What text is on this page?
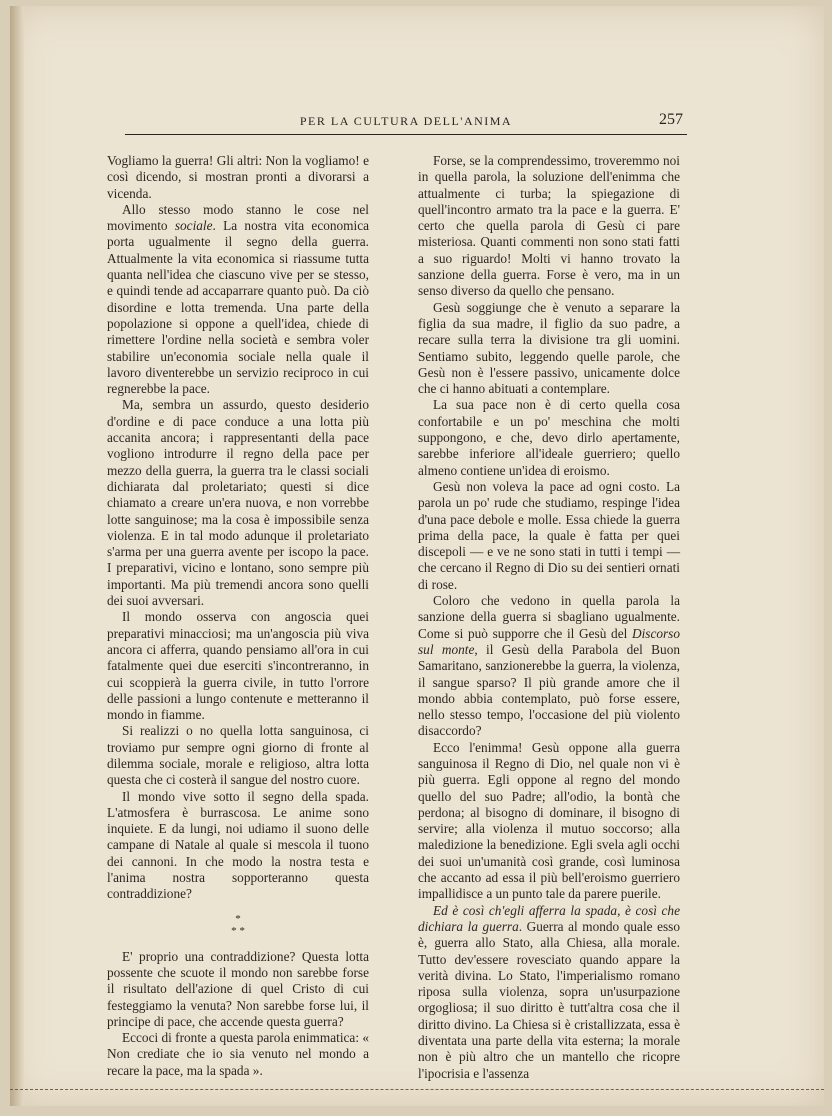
PER LA CULTURA DELL'ANIMA	257

Vogliamo la guerra! Gli altri: Non la vogliamo! e così dicendo, si mostran pronti a divorarsi a vicenda.

Allo stesso modo stanno le cose nel movimento sociale. La nostra vita economica porta ugualmente il segno della guerra. Attualmente la vita economica si riassume tutta quanta nell'idea che ciascuno vive per se stesso, e quindi tende ad accaparrare quanto può. Da ciò disordine e lotta tremenda. Una parte della popolazione si oppone a quell'idea, chiede di rimettere l'ordine nella società e sembra voler stabilire un'economia sociale nella quale il lavoro diventerebbe un servizio reciproco in cui regnerebbe la pace.

Ma, sembra un assurdo, questo desiderio d'ordine e di pace conduce a una lotta più accanita ancora; i rappresentanti della pace vogliono introdurre il regno della pace per mezzo della guerra, la guerra tra le classi sociali dichiarata dal proletariato; questi si dice chiamato a creare un'era nuova, e non vorrebbe lotte sanguinose; ma la cosa è impossibile senza violenza. E in tal modo adunque il proletariato s'arma per una guerra avente per iscopo la pace. I preparativi, vicino e lontano, sono sempre più importanti. Ma più tremendi ancora sono quelli dei suoi avversari.

Il mondo osserva con angoscia quei preparativi minacciosi; ma un'angoscia più viva ancora ci afferra, quando pensiamo all'ora in cui fatalmente quei due eserciti s'incontreranno, in cui scoppierà la guerra civile, in tutto l'orrore delle passioni a lungo contenute e metteranno il mondo in fiamme.

Si realizzi o no quella lotta sanguinosa, ci troviamo pur sempre ogni giorno di fronte al dilemma sociale, morale e religioso, altra lotta questa che ci costerà il sangue del nostro cuore.

Il mondo vive sotto il segno della spada. L'atmosfera è burrascosa. Le anime sono inquiete. E da lungi, noi udiamo il suono delle campane di Natale al quale si mescola il tuono dei cannoni. In che modo la nostra testa e l'anima nostra sopporteranno questa contraddizione?

*
* *

E' proprio una contraddizione? Questa lotta possente che scuote il mondo non sarebbe forse il risultato dell'azione di quel Cristo di cui festeggiamo la venuta? Non sarebbe forse lui, il principe di pace, che accende questa guerra?

Eccoci di fronte a questa parola enimmatica: « Non crediate che io sia venuto nel mondo a recare la pace, ma la spada ».

Forse, se la comprendessimo, troveremmo noi in quella parola, la soluzione dell'enimma che attualmente ci turba; la spiegazione di quell'incontro armato tra la pace e la guerra. E' certo che quella parola di Gesù ci pare misteriosa. Quanti commenti non sono stati fatti a suo riguardo! Molti vi hanno trovato la sanzione della guerra. Forse è vero, ma in un senso diverso da quello che pensano.

Gesù soggiunge che è venuto a separare la figlia da sua madre, il figlio da suo padre, a recare sulla terra la divisione tra gli uomini. Sentiamo subito, leggendo quelle parole, che Gesù non è l'essere passivo, unicamente dolce che ci hanno abituati a contemplare.

La sua pace non è di certo quella cosa confortabile e un po' meschina che molti suppongono, e che, devo dirlo apertamente, sarebbe inferiore all'ideale guerriero; quello almeno contiene un'idea di eroismo.

Gesù non voleva la pace ad ogni costo. La parola un po' rude che studiamo, respinge l'idea d'una pace debole e molle. Essa chiede la guerra prima della pace, la quale è fatta per quei discepoli — e ve ne sono stati in tutti i tempi — che cercano il Regno di Dio su dei sentieri ornati di rose.

Coloro che vedono in quella parola la sanzione della guerra si sbagliano ugualmente. Come si può supporre che il Gesù del Discorso sul monte, il Gesù della Parabola del Buon Samaritano, sanzionerebbe la guerra, la violenza, il sangue sparso? Il più grande amore che il mondo abbia contemplato, può forse essere, nello stesso tempo, l'occasione del più violento disaccordo?

Ecco l'enimma! Gesù oppone alla guerra sanguinosa il Regno di Dio, nel quale non vi è più guerra. Egli oppone al regno del mondo quello del suo Padre; all'odio, la bontà che perdona; al bisogno di dominare, il bisogno di servire; alla violenza il mutuo soccorso; alla maledizione la benedizione. Egli svela agli occhi dei suoi un'umanità così grande, così luminosa che accanto ad essa il più bell'eroismo guerriero impallidisce a un punto tale da parere puerile.

Ed è così ch'egli afferra la spada, è così che dichiara la guerra. Guerra al mondo quale esso è, guerra allo Stato, alla Chiesa, alla morale. Tutto dev'essere rovesciato quando appare la verità divina. Lo Stato, l'imperialismo romano riposa sulla violenza, sopra un'usurpazione orgogliosa; il suo diritto è tutt'altra cosa che il diritto divino. La Chiesa si è cristallizzata, essa è diventata una parte della vita esterna; la morale non è più altro che un mantello che ricopre l'ipocrisia e l'assenza
